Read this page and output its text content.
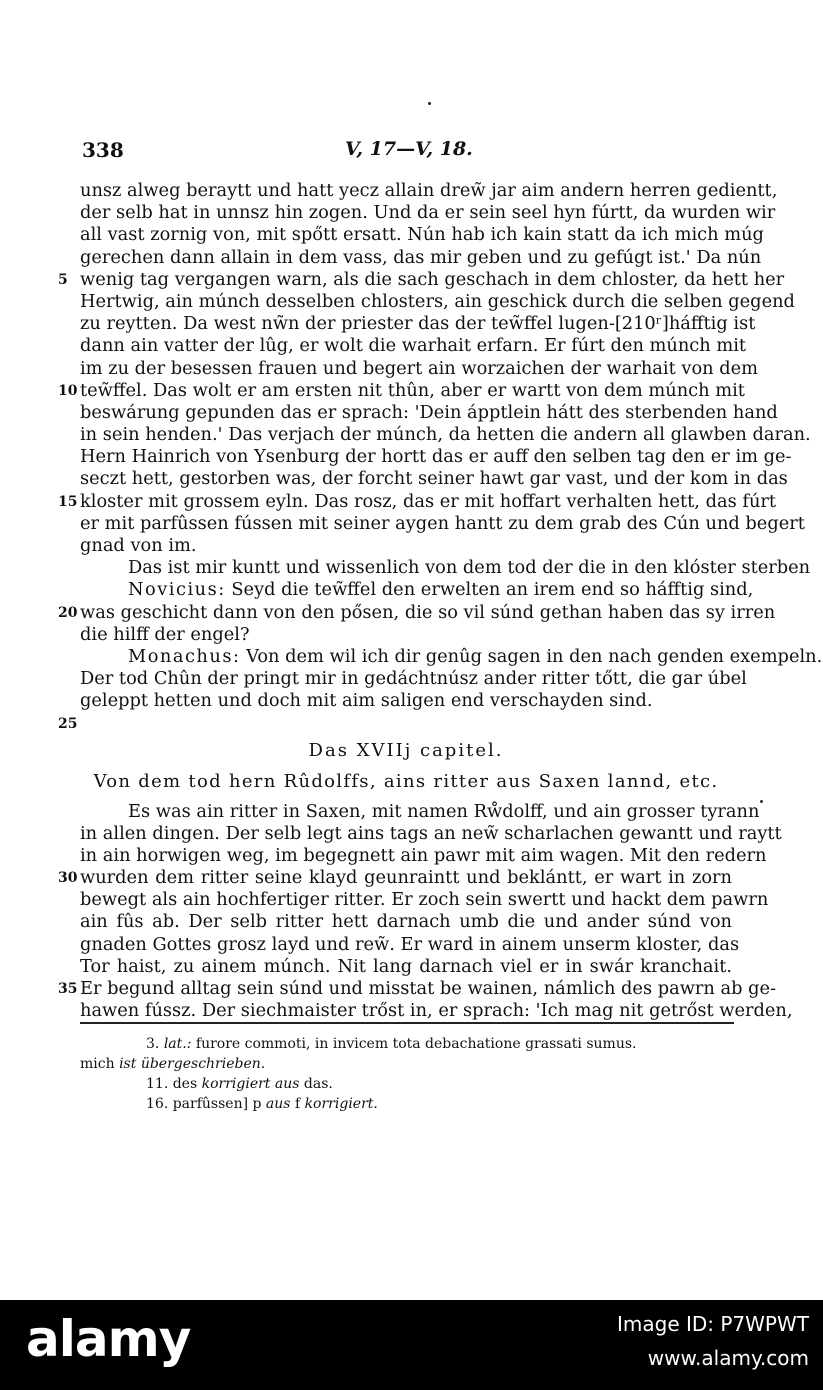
338	V, 17—V, 18.
unsz alweg beraytt und hatt yecz allain drew̃ jar aim andern herren gedientt,
der selb hat in unnsz hin zogen. Und da er sein seel hyn fúrtt, da wurden wir
all vast zornig von, mit spőtt ersatt. Nún hab ich kain statt da ich mich múg
gerechen dann allain in dem vass, das mir geben und zu gefúgt ist.' Da nún
5 wenig tag vergangen warn, als die sach geschach in dem chloster, da hett her
Hertwig, ain múnch desselben chlosters, ain geschick durch die selben gegend
zu reytten. Da west nw̃n der priester das der tew̃ffel lugen-[210ʳ]háfftig ist
dann ain vatter der lûg, er wolt die warhait erfarn. Er fúrt den múnch mit
im zu der besessen frauen und begert ain worzaichen der warhait von dem
10 tew̃ffel. Das wolt er am ersten nit thûn, aber er wartt von dem múnch mit
beswárung gepunden das er sprach: 'Dein ápptlein hátt des sterbenden hand
in sein henden.' Das verjach der múnch, da hetten die andern all glawben daran.
Hern Hainrich von Ysenburg der hortt das er auff den selben tag den er im ge-
seczt hett, gestorben was, der forcht seiner hawt gar vast, und der kom in das
15 kloster mit grossem eyln. Das rosz, das er mit hoffart verhalten hett, das fúrt
er mit parfûssen fússen mit seiner aygen hantt zu dem grab des Cún und begert
gnad von im.
Das ist mir kuntt und wissenlich von dem tod der die in den klóster sterben
Novicius: Seyd die tew̃ffel den erwelten an irem end so háfftig sind,
20 was geschicht dann von den pősen, die so vil súnd gethan haben das sy irren
die hilff der engel?
Monachus: Von dem wil ich dir genûg sagen in den nach genden exempeln.
Der tod Chûn der pringt mir in gedáchtnúsz ander ritter tőtt, die gar úbel
geleppt hetten und doch mit aim saligen end verschayden sind.
25
Das XVIIj capitel.
Von dem tod hern Rûdolffs, ains ritter aus Saxen lannd, etc.
Es was ain ritter in Saxen, mit namen Rẘdolff, und ain grosser tyrann
in allen dingen. Der selb legt ains tags an new̃ scharlachen gewantt und raytt
in ain horwigen weg, im begegnett ain pawr mit aim wagen. Mit den redern
30 wurden dem ritter seine klayd geunraintt und beklántt, er wart in zorn
bewegt als ain hochfertiger ritter. Er zoch sein swertt und hackt dem pawrn
ain fûs ab. Der selb ritter hett darnach umb die und ander súnd von
gnaden Gottes grosz layd und rew̃. Er ward in ainem unserm kloster, das
Tor haist, zu ainem múnch. Nit lang darnach viel er in swár kranchait.
35 Er begund alltag sein súnd und misstat be wainen, námlich des pawrn ab ge-
hawen fússz. Der siechmaister trőst in, er sprach: 'Ich mag nit getrőst werden,
3. lat.: furore commoti, in invicem tota debachatione grassati sumus.
mich ist übergeschrieben.
11. des korrigiert aus das.
16. parfûssen] p aus f korrigiert.
alamy	Image ID: P7WPWT
www.alamy.com
